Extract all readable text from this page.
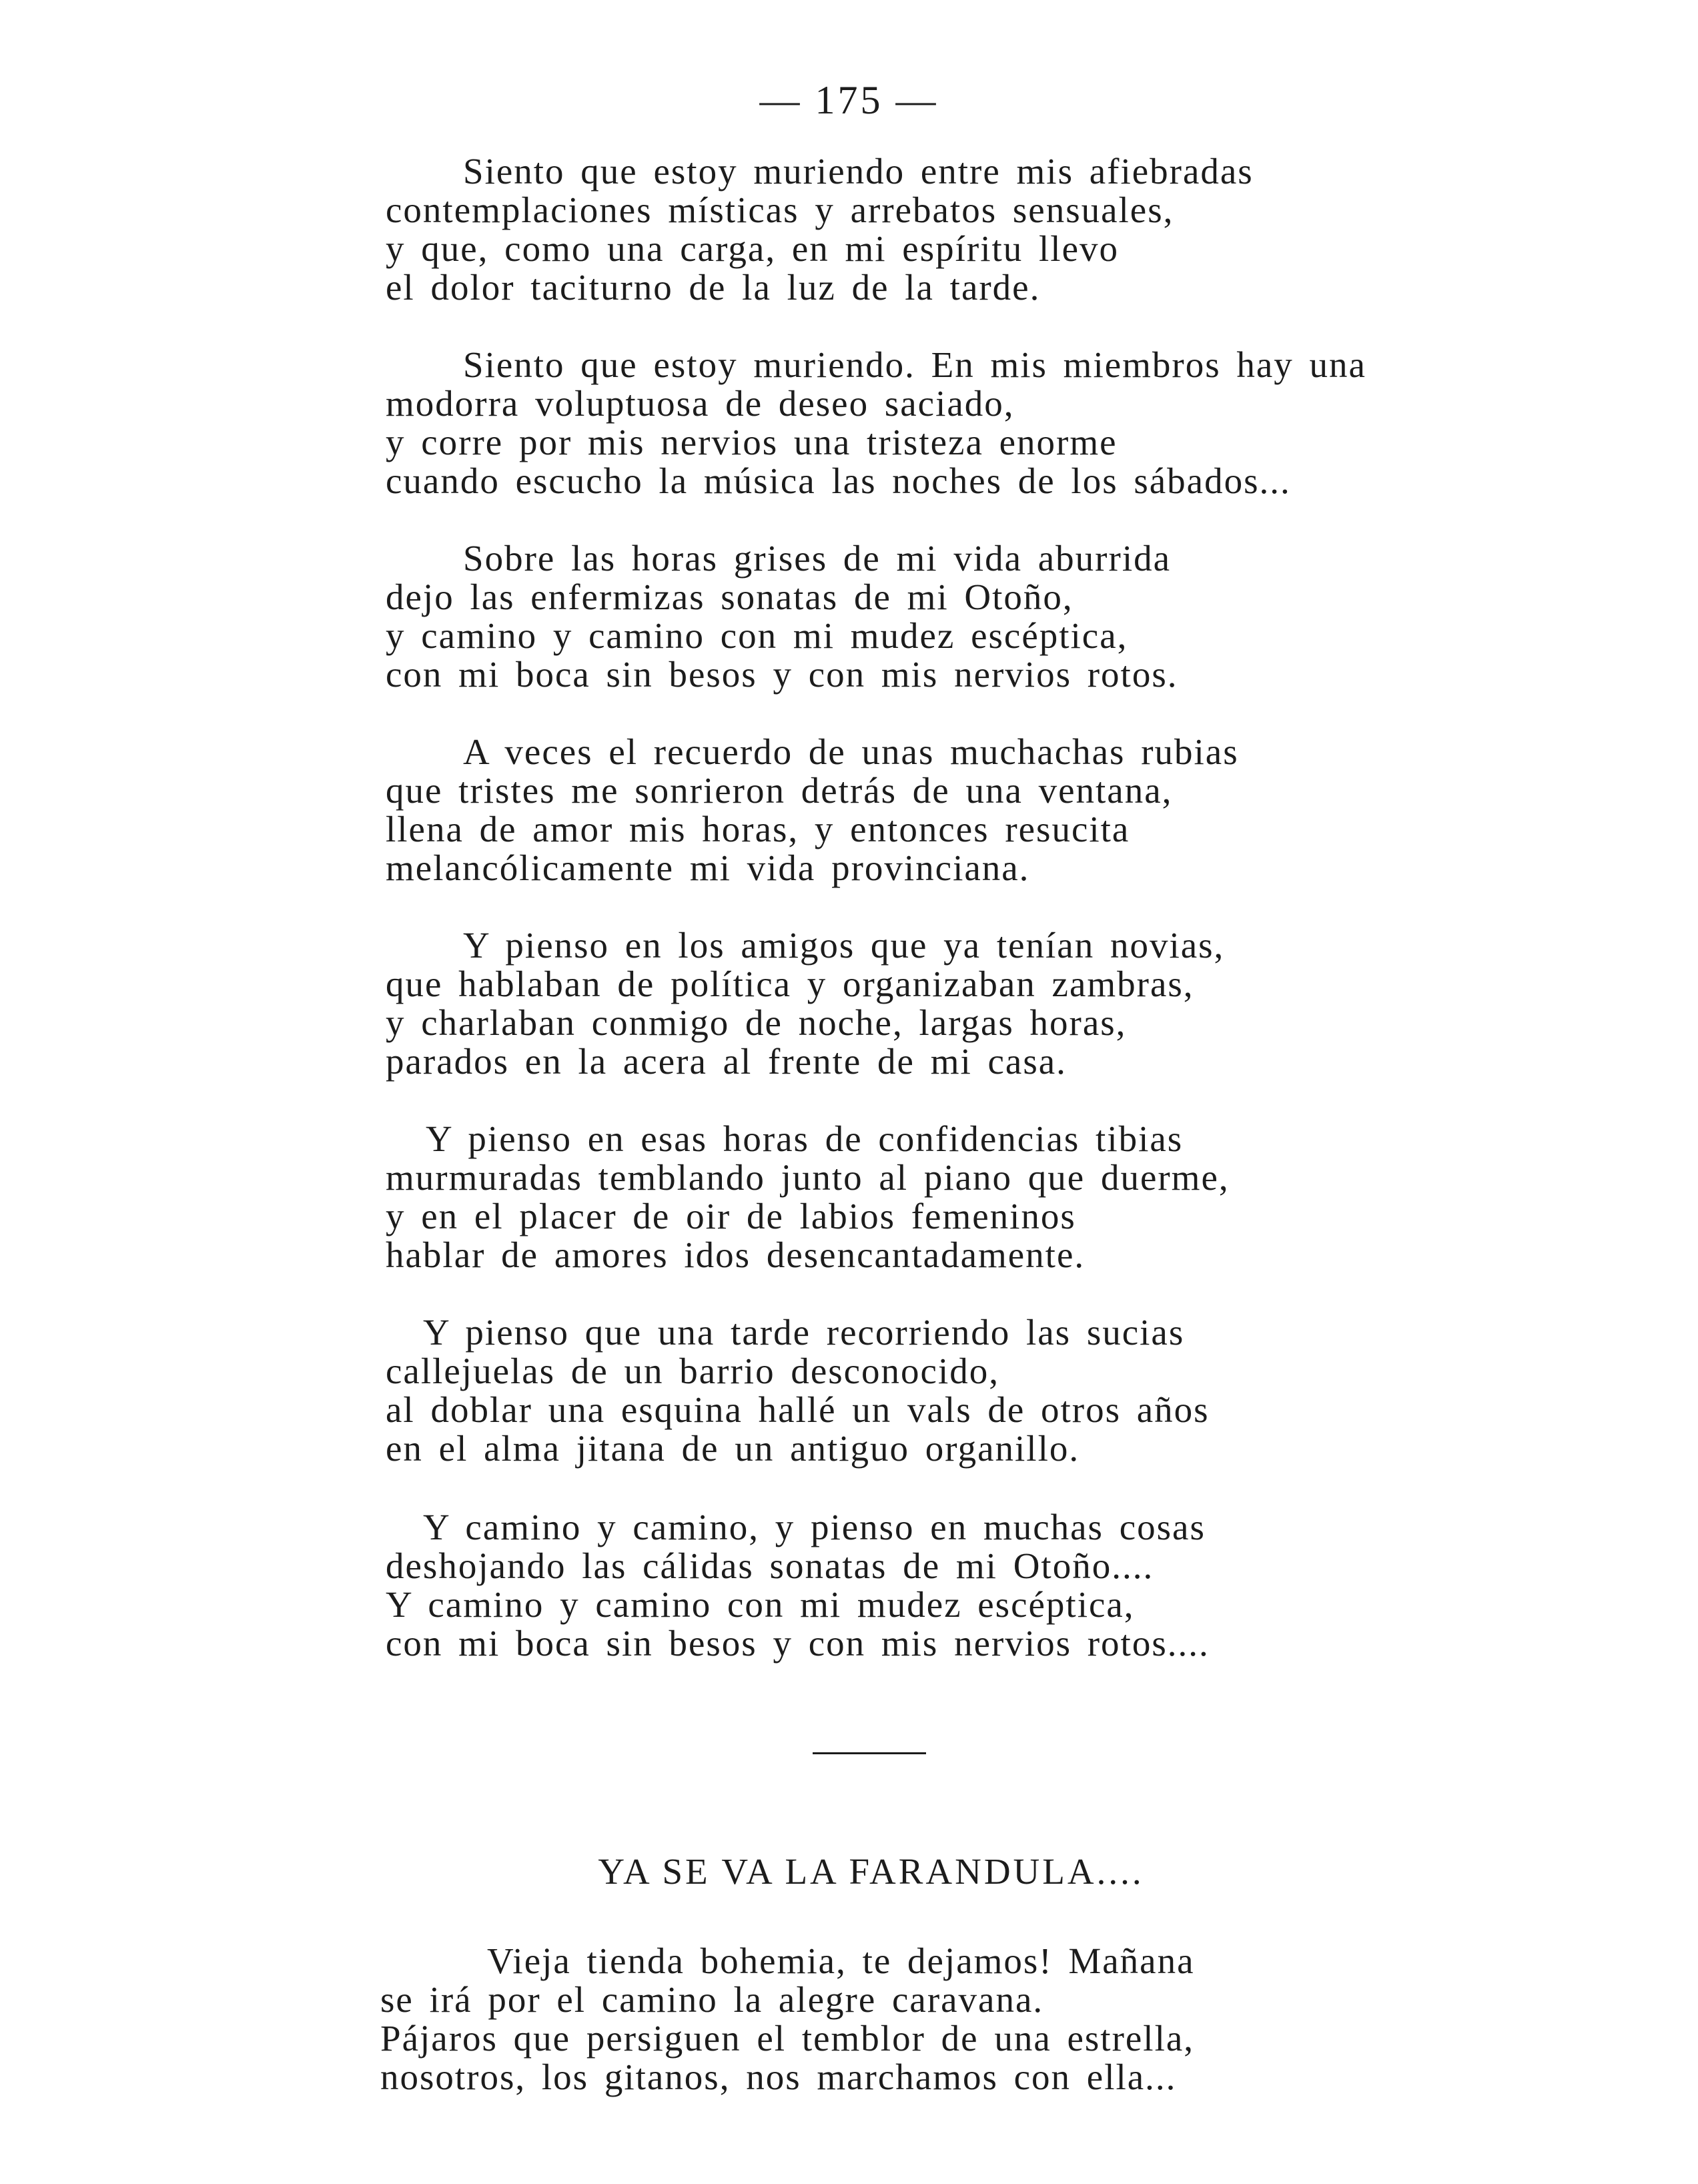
— 175 —
Siento que estoy muriendo entre mis afiebradas
contemplaciones místicas y arrebatos sensuales,
y que, como una carga, en mi espíritu llevo
el dolor taciturno de la luz de la tarde.
Siento que estoy muriendo. En mis miembros hay una
modorra voluptuosa de deseo saciado,
y corre por mis nervios una tristeza enorme
cuando escucho la música las noches de los sábados...
Sobre las horas grises de mi vida aburrida
dejo las enfermizas sonatas de mi Otoño,
y camino y camino con mi mudez escéptica,
con mi boca sin besos y con mis nervios rotos.
A veces el recuerdo de unas muchachas rubias
que tristes me sonrieron detrás de una ventana,
llena de amor mis horas, y entonces resucita
melancólicamente mi vida provinciana.
Y pienso en los amigos que ya tenían novias,
que hablaban de política y organizaban zambras,
y charlaban conmigo de noche, largas horas,
parados en la acera al frente de mi casa.
Y pienso en esas horas de confidencias tibias
murmuradas temblando junto al piano que duerme,
y en el placer de oir de labios femeninos
hablar de amores idos desencantadamente.
Y pienso que una tarde recorriendo las sucias
callejuelas de un barrio desconocido,
al doblar una esquina hallé un vals de otros años
en el alma jitana de un antiguo organillo.
Y camino y camino, y pienso en muchas cosas
deshojando las cálidas sonatas de mi Otoño....
Y camino y camino con mi mudez escéptica,
con mi boca sin besos y con mis nervios rotos....
YA SE VA LA FARANDULA....
Vieja tienda bohemia, te dejamos! Mañana
se irá por el camino la alegre caravana.
Pájaros que persiguen el temblor de una estrella,
nosotros, los gitanos, nos marchamos con ella...
